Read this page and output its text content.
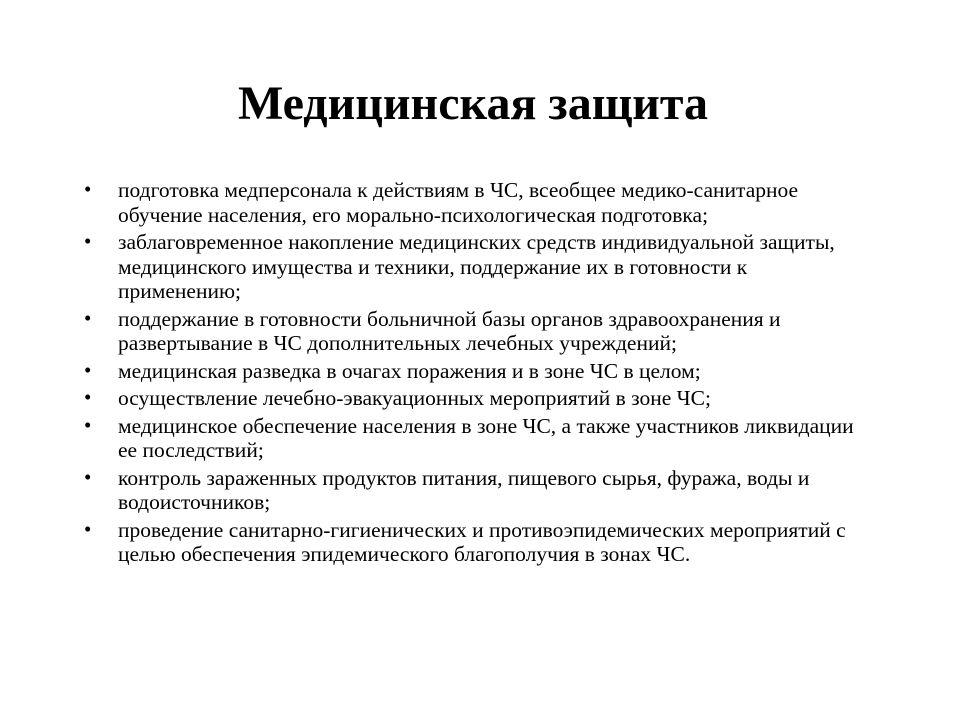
Медицинская защита
• подготовка медперсонала к действиям в ЧС, всеобщее медико-санитарное обучение населения, его морально-психологическая подготовка;
• заблаговременное накопление медицинских средств индивидуальной защиты, медицинского имущества и техники, поддержание их в готовности к применению;
• поддержание в готовности больничной базы органов здравоохранения и развертывание в ЧС дополнительных лечебных учреждений;
• медицинская разведка в очагах поражения и в зоне ЧС в целом;
• осуществление лечебно-эвакуационных мероприятий в зоне ЧС;
• медицинское обеспечение населения в зоне ЧС, а также участников ликвидации ее последствий;
• контроль зараженных продуктов питания, пищевого сырья, фуража, воды и водоисточников;
• проведение санитарно-гигиенических и противоэпидемических мероприятий с целью обеспечения эпидемического благополучия в зонах ЧС.
